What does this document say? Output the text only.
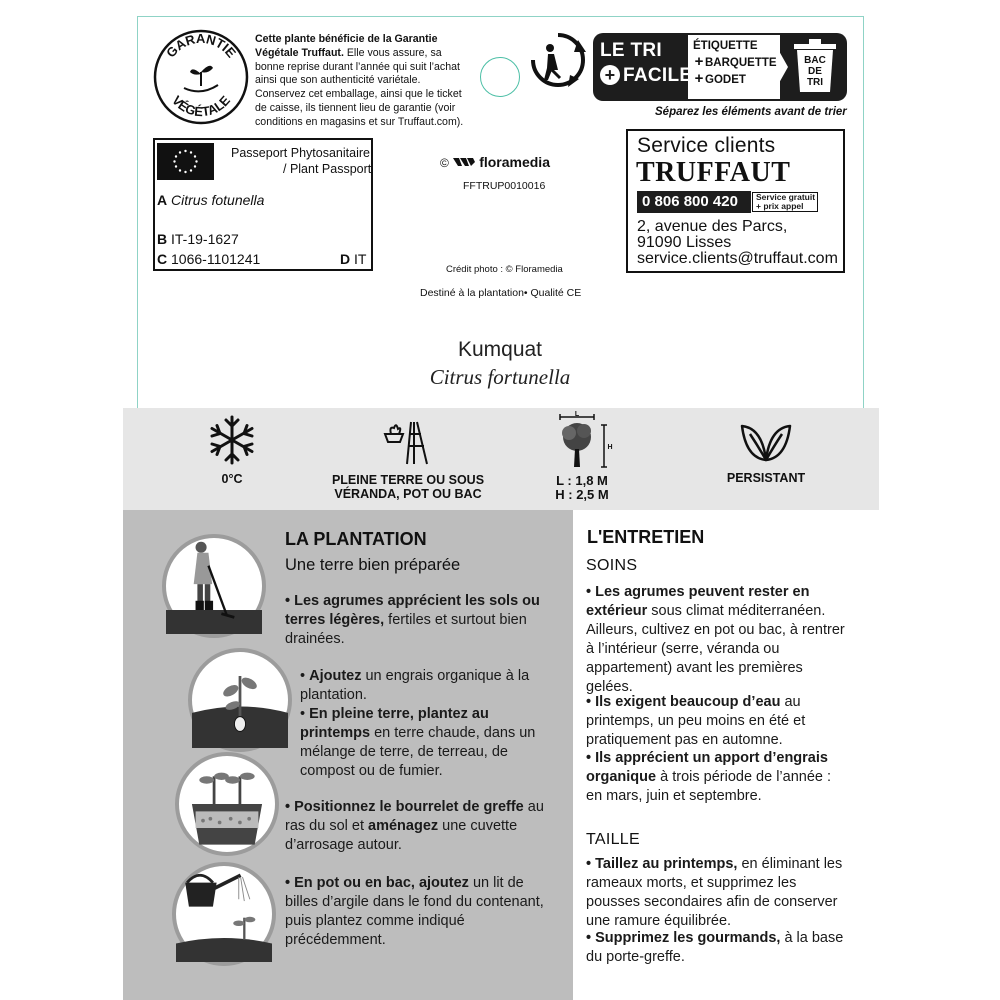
GARANTIE
VÉGÉTALE
Cette plante bénéficie de la Garantie Végétale Truffaut. Elle vous assure, sa bonne reprise durant l’année qui suit l’achat ainsi que son authenticité variétale.
Conservez cet emballage, ainsi que le ticket de caisse, ils tiennent lieu de garantie (voir conditions en magasins et sur Truffaut.com).
LE TRI
+ FACILE
ÉTIQUETTE
+ BARQUETTE
+ GODET
BAC
DE
TRI
Séparez les éléments avant de trier
Passeport Phytosanitaire
/ Plant Passport
A Citrus fotunella
B IT-19-1627
C 1066-1101241	D IT
© floramedia
FFTRUP0010016
Crédit photo : © Floramedia
Destiné à la plantation• Qualité CE
Service clients
TRUFFAUT
0 806 800 420	Service gratuit
+ prix appel
2, avenue des Parcs,
91090 Lisses
service.clients@truffaut.com
Kumquat
Citrus fortunella
0°C	PLEINE TERRE OU SOUS
VÉRANDA, POT OU BAC
L
H
L : 1,8 M
H : 2,5 M
PERSISTANT
LA PLANTATION
Une terre bien préparée
• Les agrumes apprécient les sols ou terres légères, fertiles et surtout bien drainées.
• Ajoutez un engrais organique à la plantation.
• En pleine terre, plantez au printemps en terre chaude, dans un mélange de terre, de terreau, de compost ou de fumier.
• Positionnez le bourrelet de greffe au ras du sol et aménagez une cuvette d’arrosage autour.
• En pot ou en bac, ajoutez un lit de billes d’argile dans le fond du contenant, puis plantez comme indiqué précédemment.
L'ENTRETIEN
SOINS
• Les agrumes peuvent rester en extérieur sous climat méditerranéen. Ailleurs, cultivez en pot ou bac, à rentrer à l’intérieur (serre, véranda ou appartement) avant les premières gelées.
• Ils exigent beaucoup d’eau au printemps, un peu moins en été et pratiquement pas en automne.
• Ils apprécient un apport d’engrais organique à trois période de l’année : en mars, juin et septembre.
TAILLE
• Taillez au printemps, en éliminant les rameaux morts, et supprimez les pousses secondaires afin de conserver une ramure équilibrée.
• Supprimez les gourmands, à la base du porte-greffe.
